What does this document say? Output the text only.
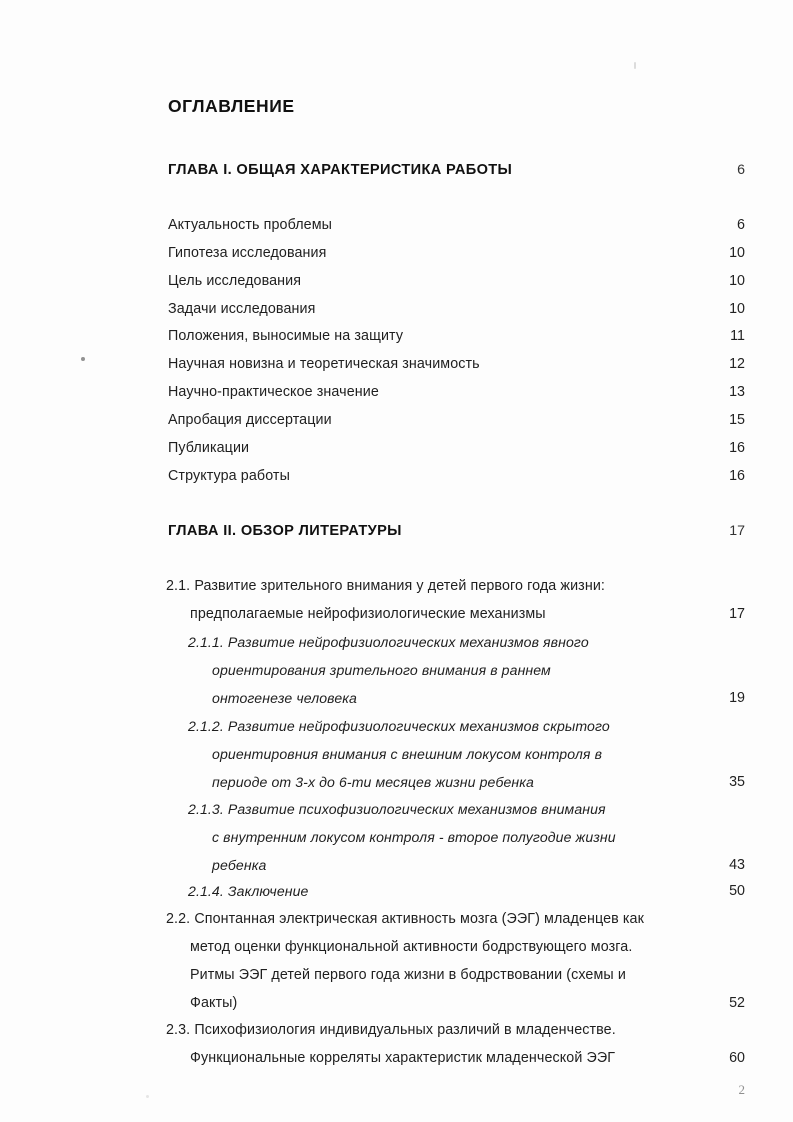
ОГЛАВЛЕНИЕ
ГЛАВА I. ОБЩАЯ ХАРАКТЕРИСТИКА РАБОТЫ	6
Актуальность проблемы	6
Гипотеза исследования	10
Цель исследования	10
Задачи исследования	10
Положения, выносимые на защиту	11
Научная новизна и теоретическая значимость	12
Научно-практическое значение	13
Апробация диссертации	15
Публикации	16
Структура работы	16
ГЛАВА II. ОБЗОР ЛИТЕРАТУРЫ	17
2.1. Развитие зрительного внимания у детей первого года жизни:
предполагаемые нейрофизиологические механизмы	17
2.1.1. Развитие нейрофизиологических механизмов явного
ориентирования зрительного внимания в раннем
онтогенезе человека	19
2.1.2. Развитие нейрофизиологических механизмов скрытого
ориентировния внимания с внешним локусом контроля в
периоде от 3-х до 6-ти месяцев жизни ребенка	35
2.1.3. Развитие психофизиологических механизмов внимания
с внутренним локусом контроля - второе полугодие жизни
ребенка	43
2.1.4. Заключение	50
2.2. Спонтанная электрическая активность мозга (ЭЭГ) младенцев как
метод оценки функциональной активности бодрствующего мозга.
Ритмы ЭЭГ детей первого года жизни в бодрствовании (схемы и
Факты)	52
2.3. Психофизиология индивидуальных различий в младенчестве.
Функциональные корреляты характеристик младенческой ЭЭГ	60
2
